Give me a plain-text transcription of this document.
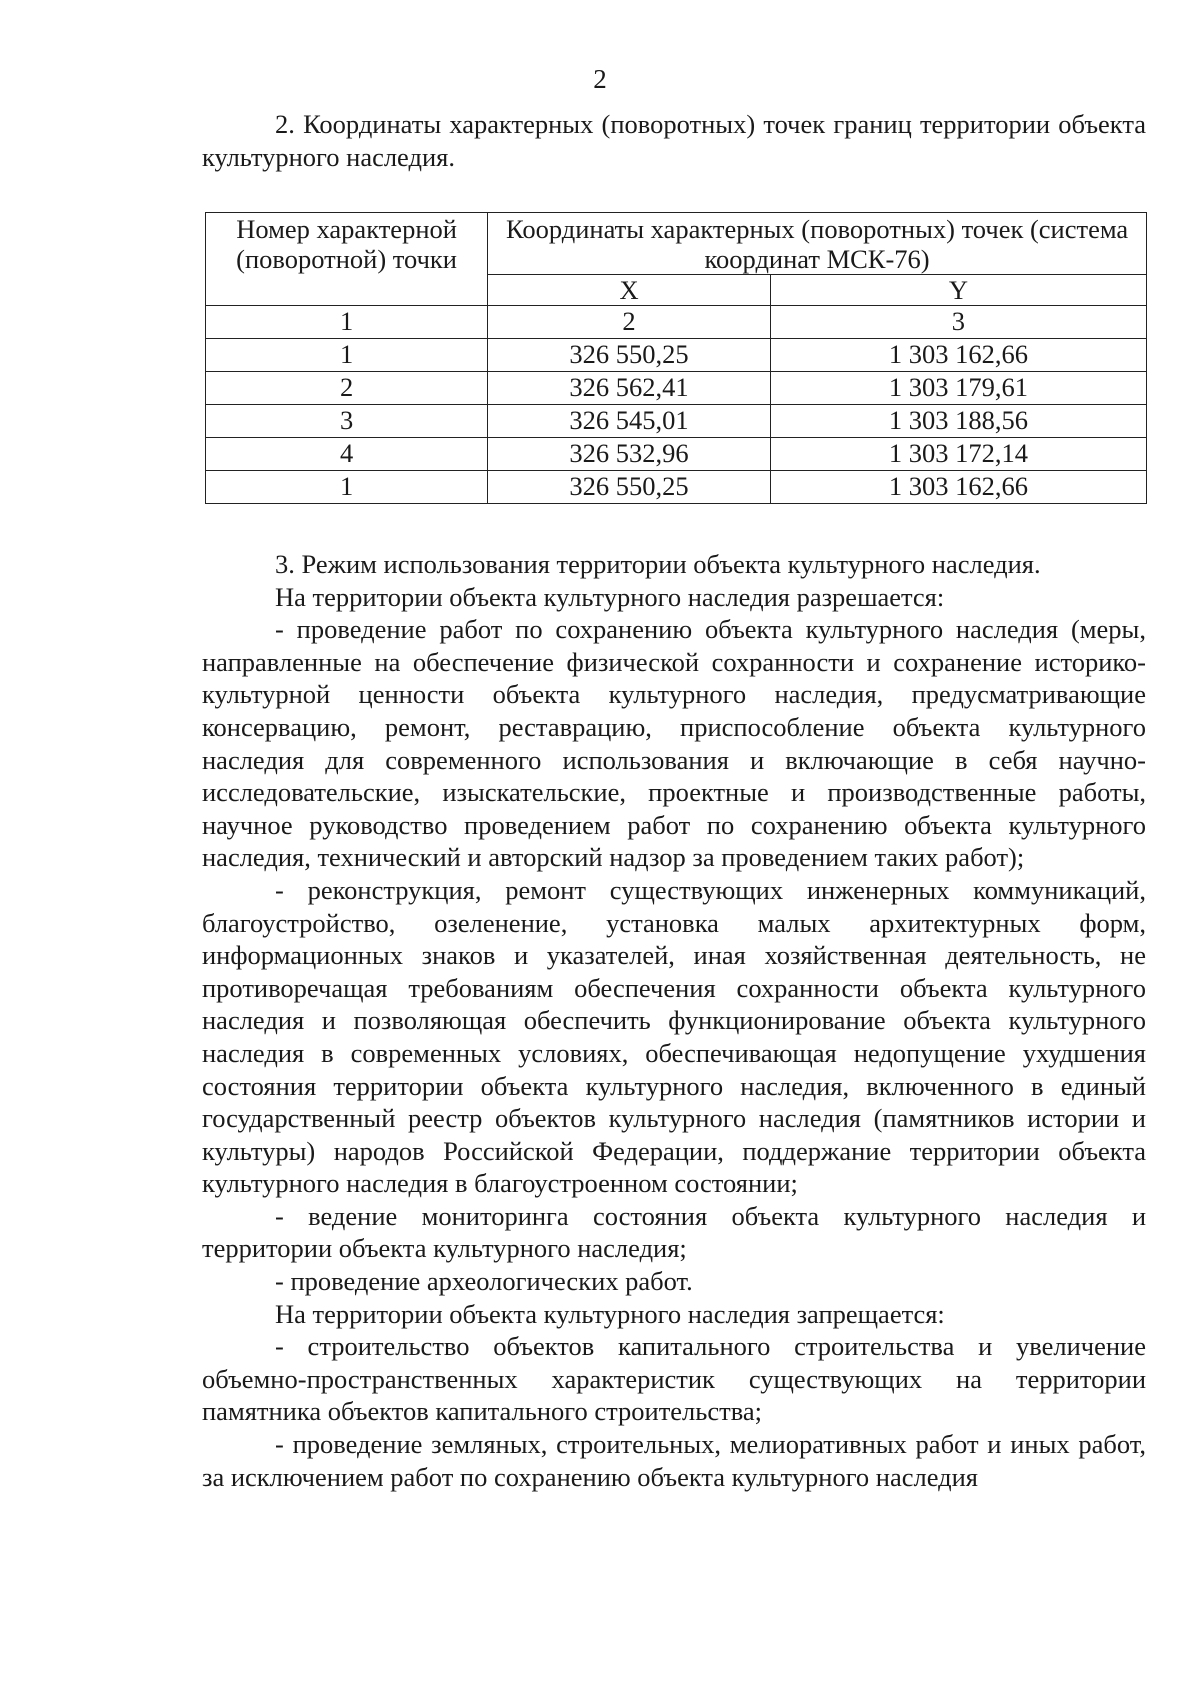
2

2. Координаты характерных (поворотных) точек границ территории объекта культурного наследия.

Номер характерной (поворотной) точки	Координаты характерных (поворотных) точек (система координат МСК-76)	
	X	Y
1	2	3
1	326 550,25	1 303 162,66
2	326 562,41	1 303 179,61
3	326 545,01	1 303 188,56
4	326 532,96	1 303 172,14
1	326 550,25	1 303 162,66

3. Режим использования территории объекта культурного наследия.

На территории объекта культурного наследия разрешается:

- проведение работ по сохранению объекта культурного наследия (меры, направленные на обеспечение физической сохранности и сохранение историко-культурной ценности объекта культурного наследия, предусматривающие консервацию, ремонт, реставрацию, приспособление объекта культурного наследия для современного использования и включающие в себя научно-исследовательские, изыскательские, проектные и производственные работы, научное руководство проведением работ по сохранению объекта культурного наследия, технический и авторский надзор за проведением таких работ);

- реконструкция, ремонт существующих инженерных коммуникаций, благоустройство, озеленение, установка малых архитектурных форм, информационных знаков и указателей, иная хозяйственная деятельность, не противоречащая требованиям обеспечения сохранности объекта культурного наследия и позволяющая обеспечить функционирование объекта культурного наследия в современных условиях, обеспечивающая недопущение ухудшения состояния территории объекта культурного наследия, включенного в единый государственный реестр объектов культурного наследия (памятников истории и культуры) народов Российской Федерации, поддержание территории объекта культурного наследия в благоустроенном состоянии;

- ведение мониторинга состояния объекта культурного наследия и территории объекта культурного наследия;

- проведение археологических работ.

На территории объекта культурного наследия запрещается:

- строительство объектов капитального строительства и увеличение объемно-пространственных характеристик существующих на территории памятника объектов капитального строительства;

- проведение земляных, строительных, мелиоративных работ и иных работ, за исключением работ по сохранению объекта культурного наследия
